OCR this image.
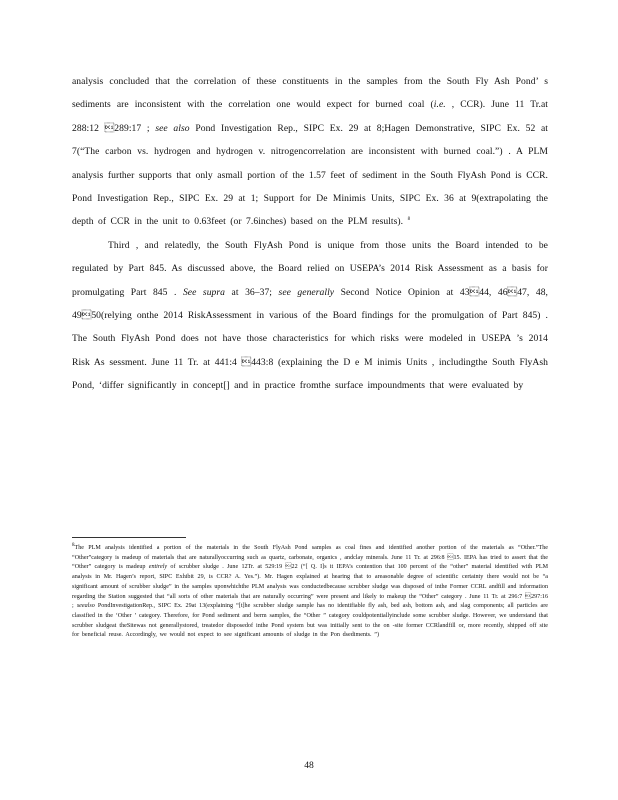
analysis concluded that the correlation of these constituents in the samples from the South Fly Ash Pond’ s sediments are inconsistent with the correlation one would expect for burned coal (i.e. , CCR). June 11 Tr.at 288:12 289:17 ; see also Pond Investigation Rep., SIPC Ex. 29 at 8;Hagen Demonstrative, SIPC Ex. 52 at 7(“The carbon vs. hydrogen and hydrogen v. nitrogencorrelation are inconsistent with burned coal.”) . A PLM analysis further supports that only asmall portion of the 1.57 feet of sediment in the South FlyAsh Pond is CCR. Pond Investigation Rep., SIPC Ex. 29 at 1; Support for De Minimis Units, SIPC Ex. 36 at 9(extrapolating the depth of CCR in the unit to 0.63feet (or 7.6inches) based on the PLM results). $^8$

Third , and relatedly, the South FlyAsh Pond is unique from those units the Board intended to be regulated by Part 845. As discussed above, the Board relied on USEPA’s 2014 Risk Assessment as a basis for promulgating Part 845 . See supra at 36–37; see generally Second Notice Opinion at 4344, 4647, 48, 4950(relying onthe 2014 RiskAssessment in various of the Board findings for the promulgation of Part 845) . The South FlyAsh Pond does not have those characteristics for which risks were modeled in USEPA ’s 2014 Risk As sessment. June 11 Tr. at 441:4 443:8 (explaining the D e M inimis Units , includingthe South FlyAsh Pond, ‘differ significantly in concept[] and in practice fromthe surface impoundments that were evaluated by

$^8$The PLM analysis identified a portion of the materials in the South FlyAsh Pond samples as coal fines and identified another portion of the materials as “Other.”The “Other”category is madeup of materials that are naturallyoccurring such as quartz, carbonate, organics , andclay minerals. June 11 Tr. at 296:8 15. IEPA has tried to assert that the “Other” category is madeup entirely of scrubber sludge . June 12Tr. at 529:19 22 (“[ Q. I]s it IEPA’s contention that 100 percent of the “other” material identified with PLM analysis in Mr. Hagen’s report, SIPC Exhibit 29, is CCR? A. Yes.”). Mr. Hagen explained at hearing that to areasonable degree of scientific certainty there would not be “a significant amount of scrubber sludge” in the samples uponwhichthe PLM analysis was conductedbecause scrubber sludge was disposed of inthe Former CCRL andfill and information regarding the Station suggested that “all sorts of other materials that are naturally occurring” were present and likely to makeup the “Other” category . June 11 Tr. at 296:7 297:16 ; seealso PondInvestigationRep., SIPC Ex. 29at 13(explaining “[t]he scrubber sludge sample has no identifiable fly ash, bed ash, bottom ash, and slag components; all particles are classified in the ‘Other ’ category. Therefore, for Pond sediment and berm samples, the “Other ” category couldpotentiallyinclude some scrubber sludge. However, we understand that scrubber sludgeat theSitewas not generallystored, treatedor disposedof inthe Pond system but was initially sent to the on -site former CCRlandfill or, more recently, shipped off site for beneficial reuse. Accordingly, we would not expect to see significant amounts of sludge in the Pon dsediments. ”)
48
